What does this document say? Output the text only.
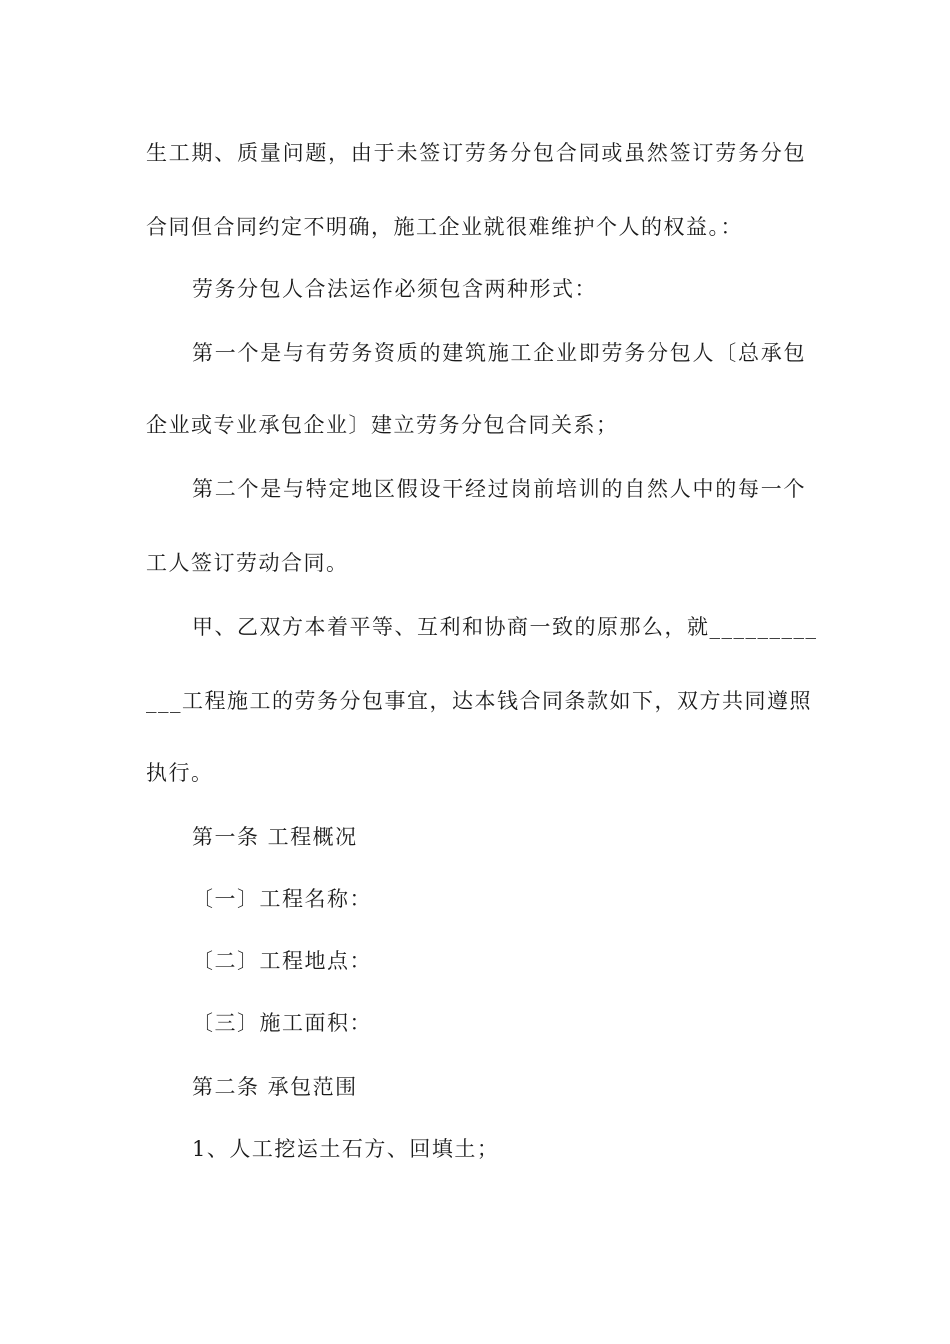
生工期、质量问题，由于未签订劳务分包合同或虽然签订劳务分包
合同但合同约定不明确，施工企业就很难维护个人的权益。：
劳务分包人合法运作必须包含两种形式：
第一个是与有劳务资质的建筑施工企业即劳务分包人〔总承包
企业或专业承包企业〕建立劳务分包合同关系；
第二个是与特定地区假设干经过岗前培训的自然人中的每一个
工人签订劳动合同。
甲、乙双方本着平等、互利和协商一致的原那么，就_________
___工程施工的劳务分包事宜，达本钱合同条款如下，双方共同遵照
执行。
第一条 工程概况
〔一〕工程名称：
〔二〕工程地点：
〔三〕施工面积：
第二条 承包范围
1、人工挖运土石方、回填土；
